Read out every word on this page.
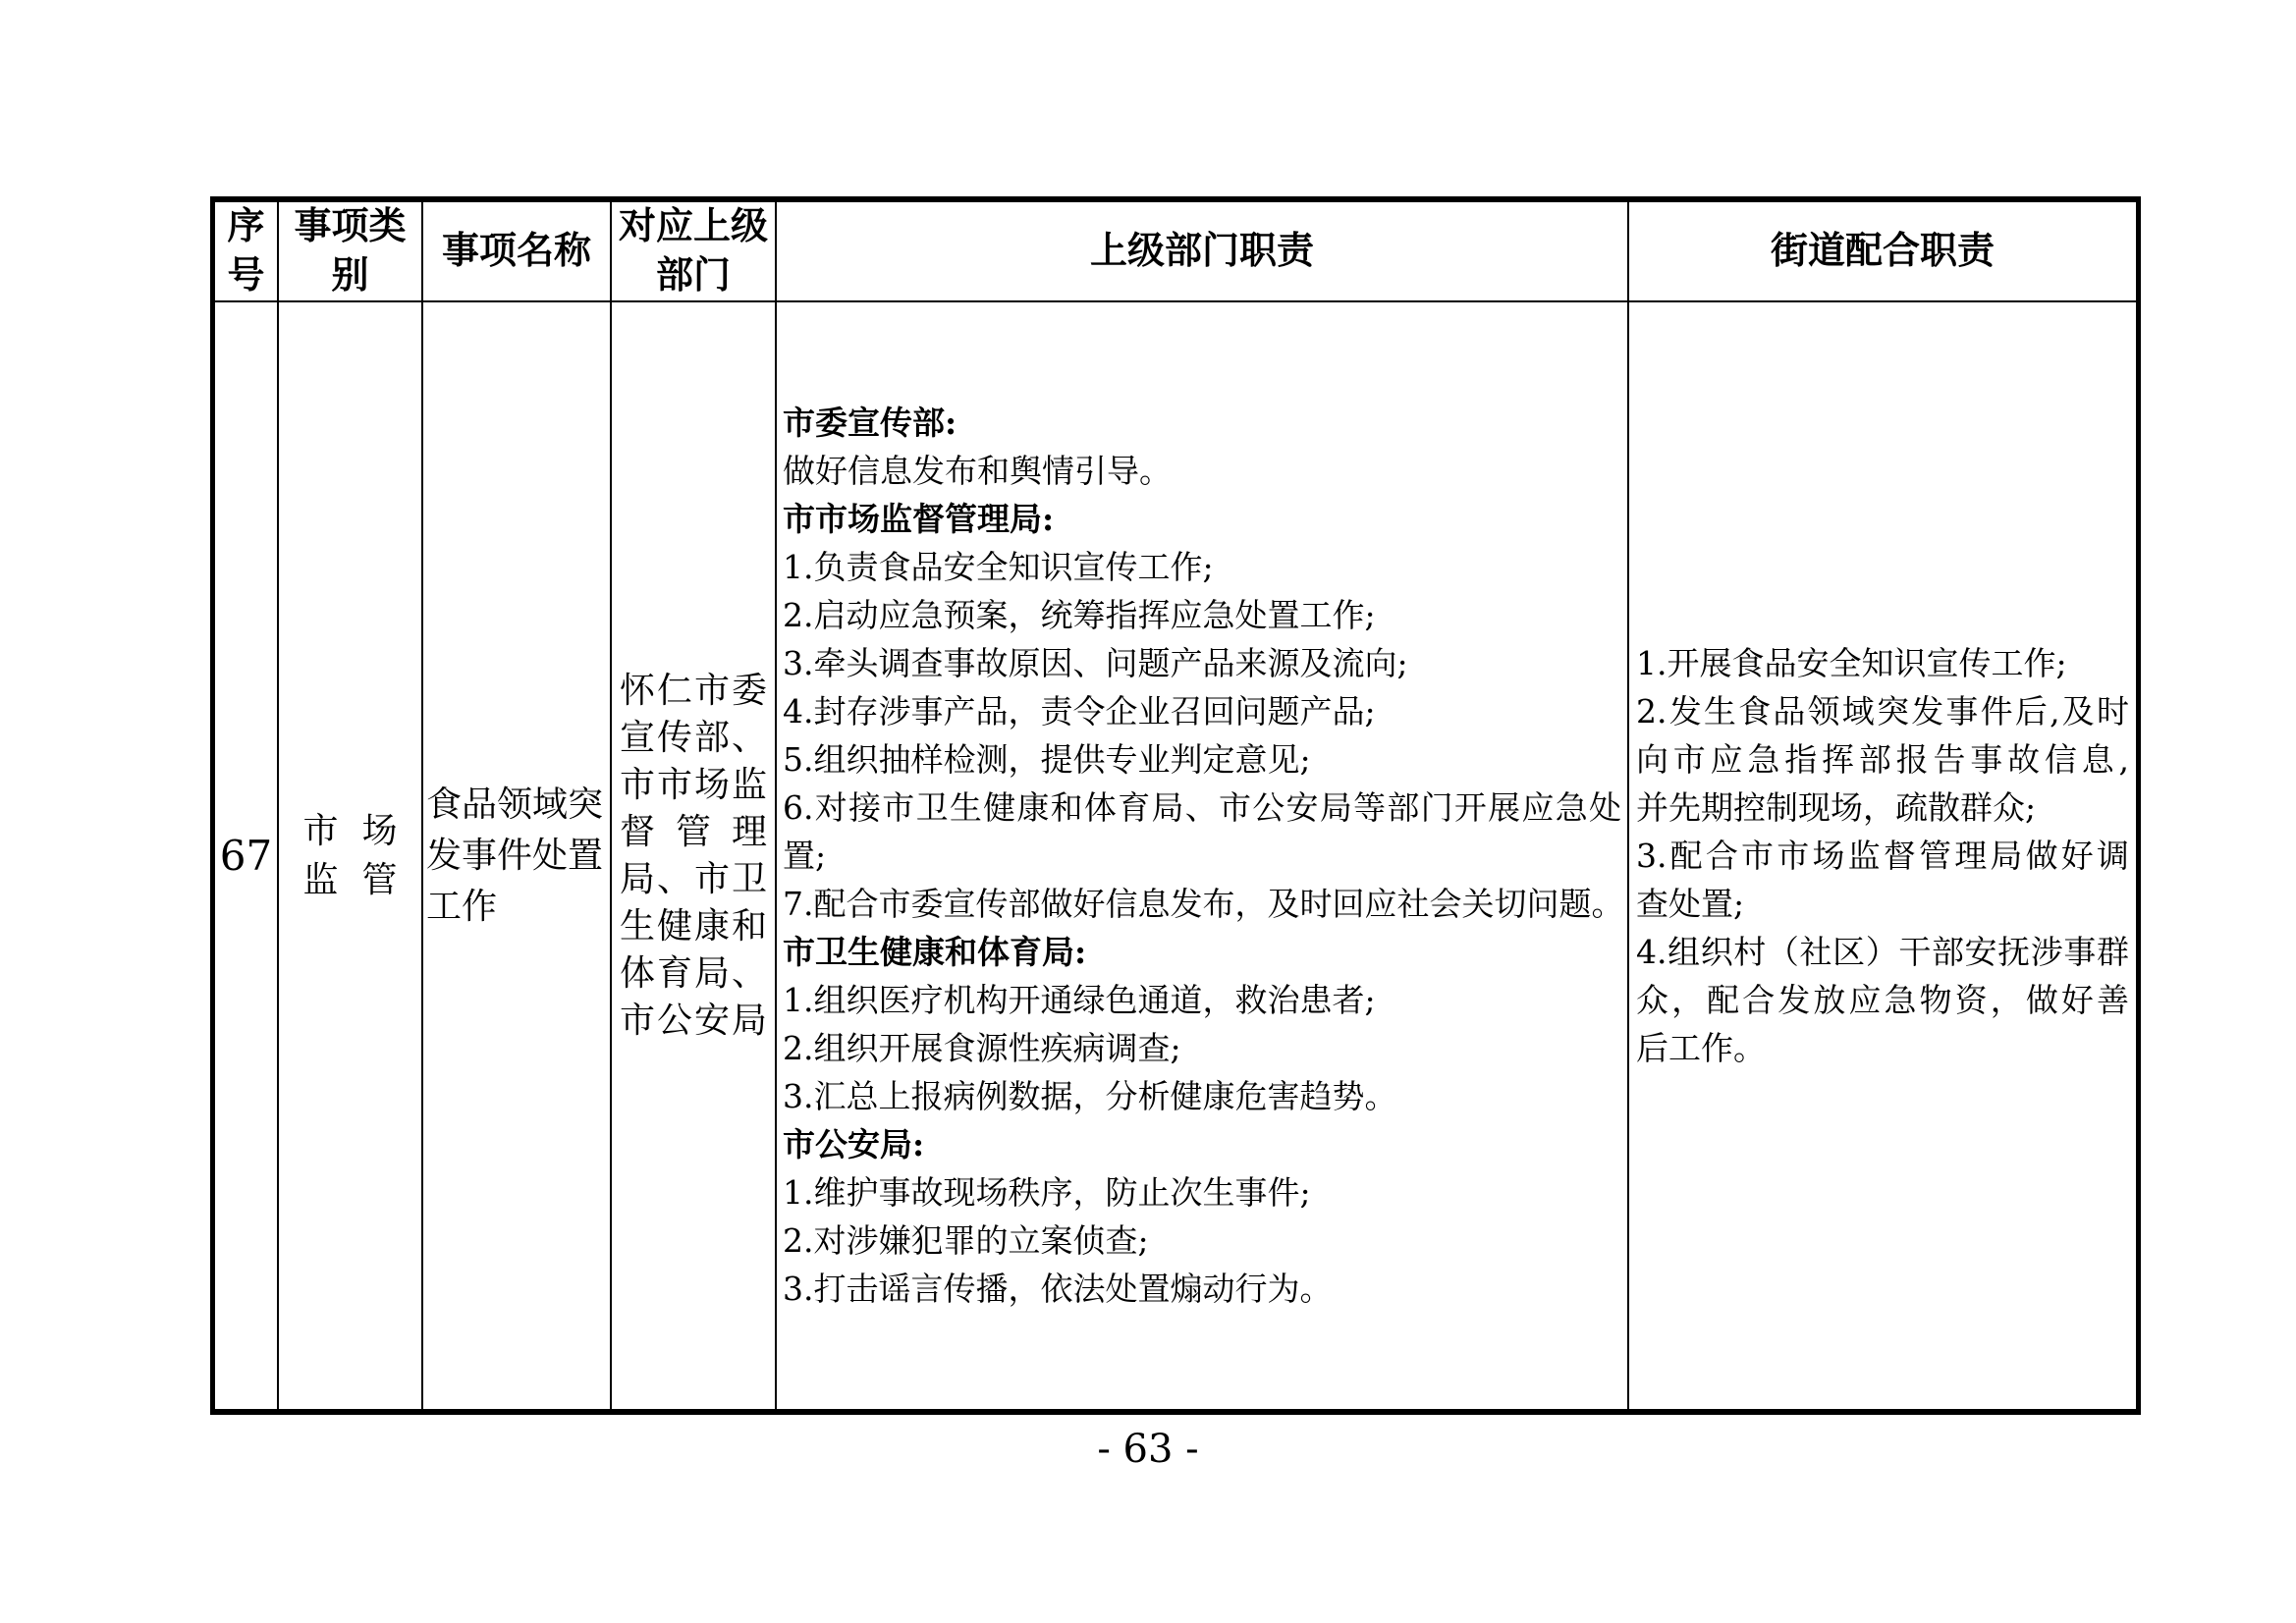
序号
事项类别
事项名称
对应上级部门
上级部门职责	街道配合职责
67
市场
监管
食品领域突
发事件处置
工作
怀仁市委
宣传部、
市市场监
督管理
局、市卫
生健康和
体育局、
市公安局
市委宣传部:
做好信息发布和舆情引导。
市市场监督管理局:
1.负责食品安全知识宣传工作;
2.启动应急预案，统筹指挥应急处置工作;
3.牵头调查事故原因、问题产品来源及流向;
4.封存涉事产品，责令企业召回问题产品;
5.组织抽样检测，提供专业判定意见;
6.对接市卫生健康和体育局、市公安局等部门开展应急处
置;
7.配合市委宣传部做好信息发布，及时回应社会关切问题。
市卫生健康和体育局:
1.组织医疗机构开通绿色通道，救治患者;
2.组织开展食源性疾病调查;
3.汇总上报病例数据，分析健康危害趋势。
市公安局:
1.维护事故现场秩序，防止次生事件;
2.对涉嫌犯罪的立案侦查;
3.打击谣言传播，依法处置煽动行为。
1.开展食品安全知识宣传工作;
2.发生食品领域突发事件后,及时
向市应急指挥部报告事故信息,
并先期控制现场，疏散群众;
3.配合市市场监督管理局做好调
查处置;
4.组织村（社区）干部安抚涉事群
众，配合发放应急物资，做好善
后工作。
- 63 -
